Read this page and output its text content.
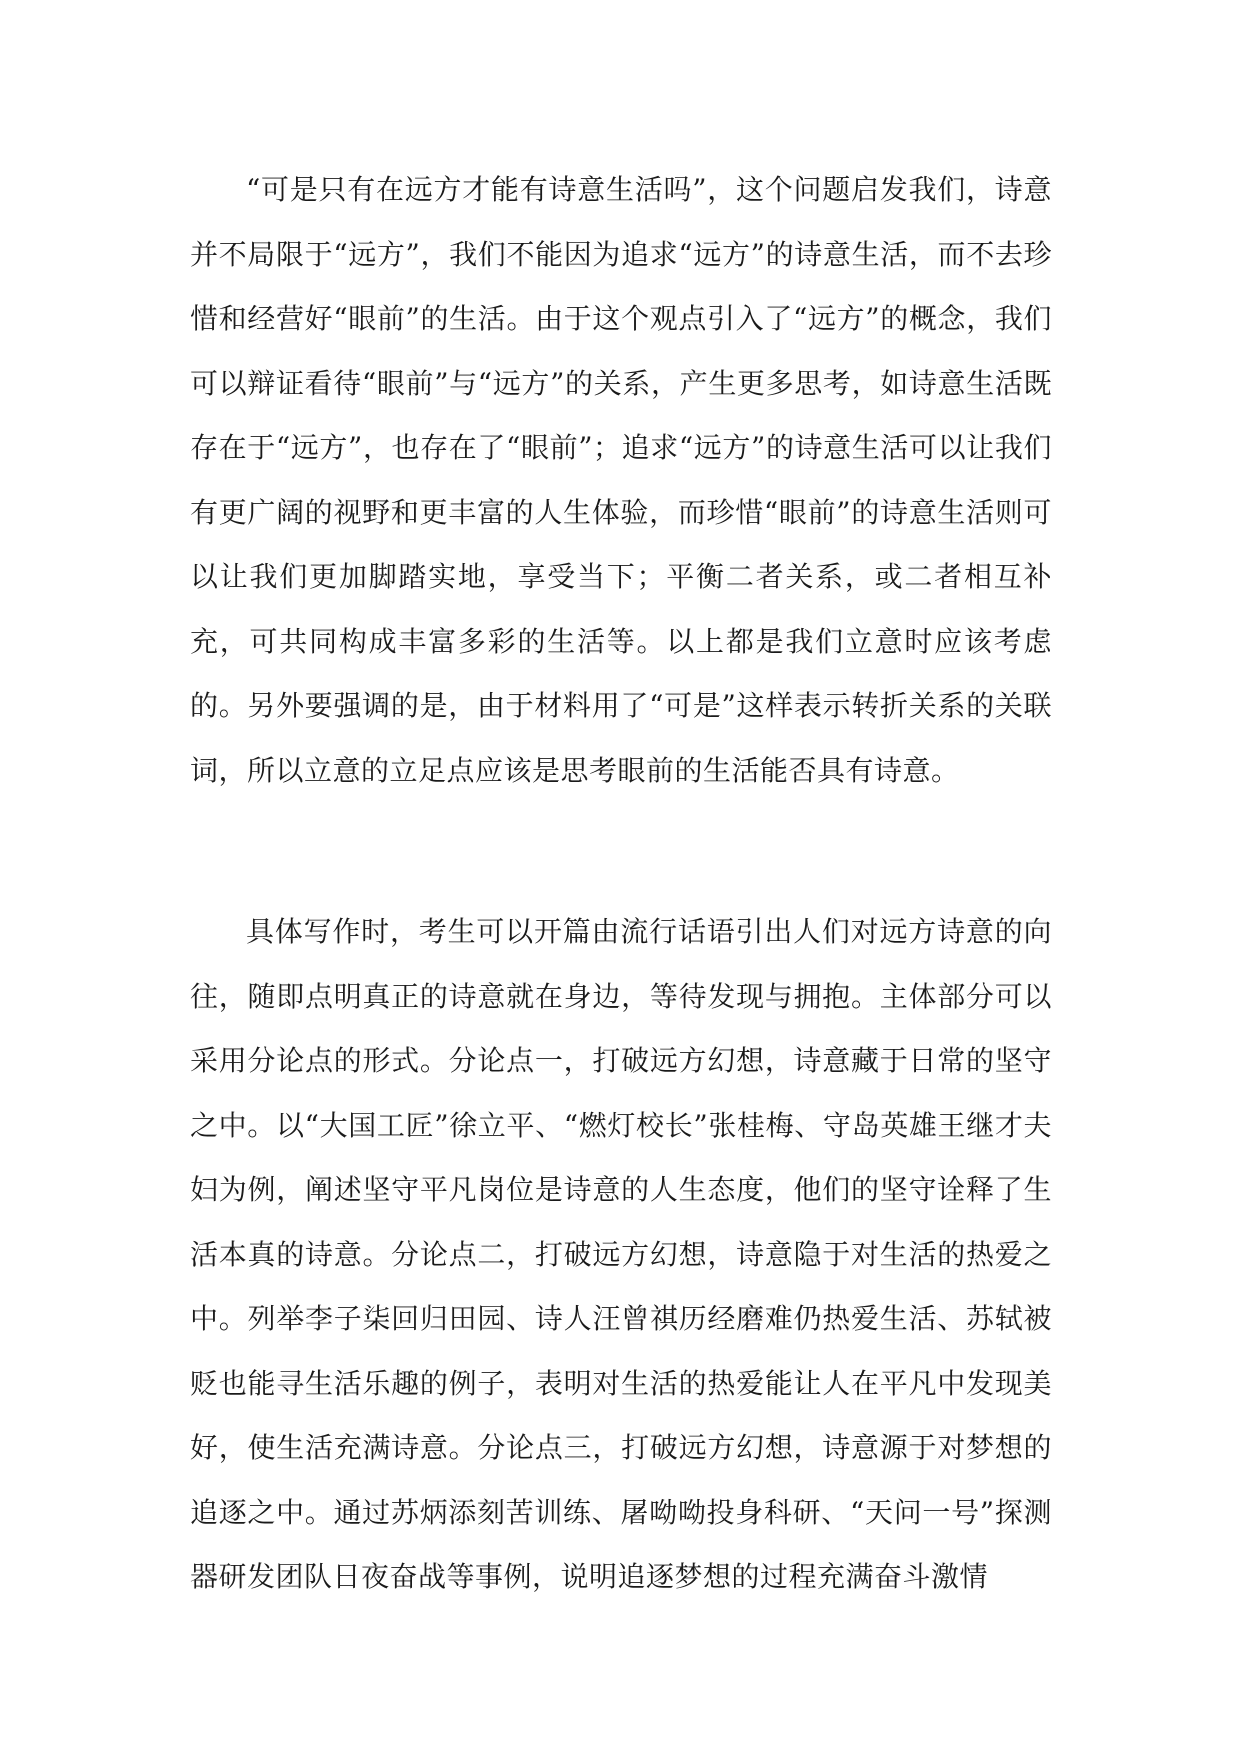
“可是只有在远方才能有诗意生活吗”，这个问题启发我们，诗意并不局限于“远方”，我们不能因为追求“远方”的诗意生活，而不去珍惜和经营好“眼前”的生活。由于这个观点引入了“远方”的概念，我们可以辩证看待“眼前”与“远方”的关系，产生更多思考，如诗意生活既存在于“远方”，也存在了“眼前”；追求“远方”的诗意生活可以让我们有更广阔的视野和更丰富的人生体验，而珍惜“眼前”的诗意生活则可以让我们更加脚踏实地，享受当下；平衡二者关系，或二者相互补充，可共同构成丰富多彩的生活等。以上都是我们立意时应该考虑的。另外要强调的是，由于材料用了“可是”这样表示转折关系的关联词，所以立意的立足点应该是思考眼前的生活能否具有诗意。

具体写作时，考生可以开篇由流行话语引出人们对远方诗意的向往，随即点明真正的诗意就在身边，等待发现与拥抱。主体部分可以采用分论点的形式。分论点一，打破远方幻想，诗意藏于日常的坚守之中。以“大国工匠”徐立平、“燃灯校长”张桂梅、守岛英雄王继才夫妇为例，阐述坚守平凡岗位是诗意的人生态度，他们的坚守诠释了生活本真的诗意。分论点二，打破远方幻想，诗意隐于对生活的热爱之中。列举李子柒回归田园、诗人汪曾祺历经磨难仍热爱生活、苏轼被贬也能寻生活乐趣的例子，表明对生活的热爱能让人在平凡中发现美好，使生活充满诗意。分论点三，打破远方幻想，诗意源于对梦想的追逐之中。通过苏炳添刻苦训练、屠呦呦投身科研、“天问一号”探测器研发团队日夜奋战等事例，说明追逐梦想的过程充满奋斗激情
